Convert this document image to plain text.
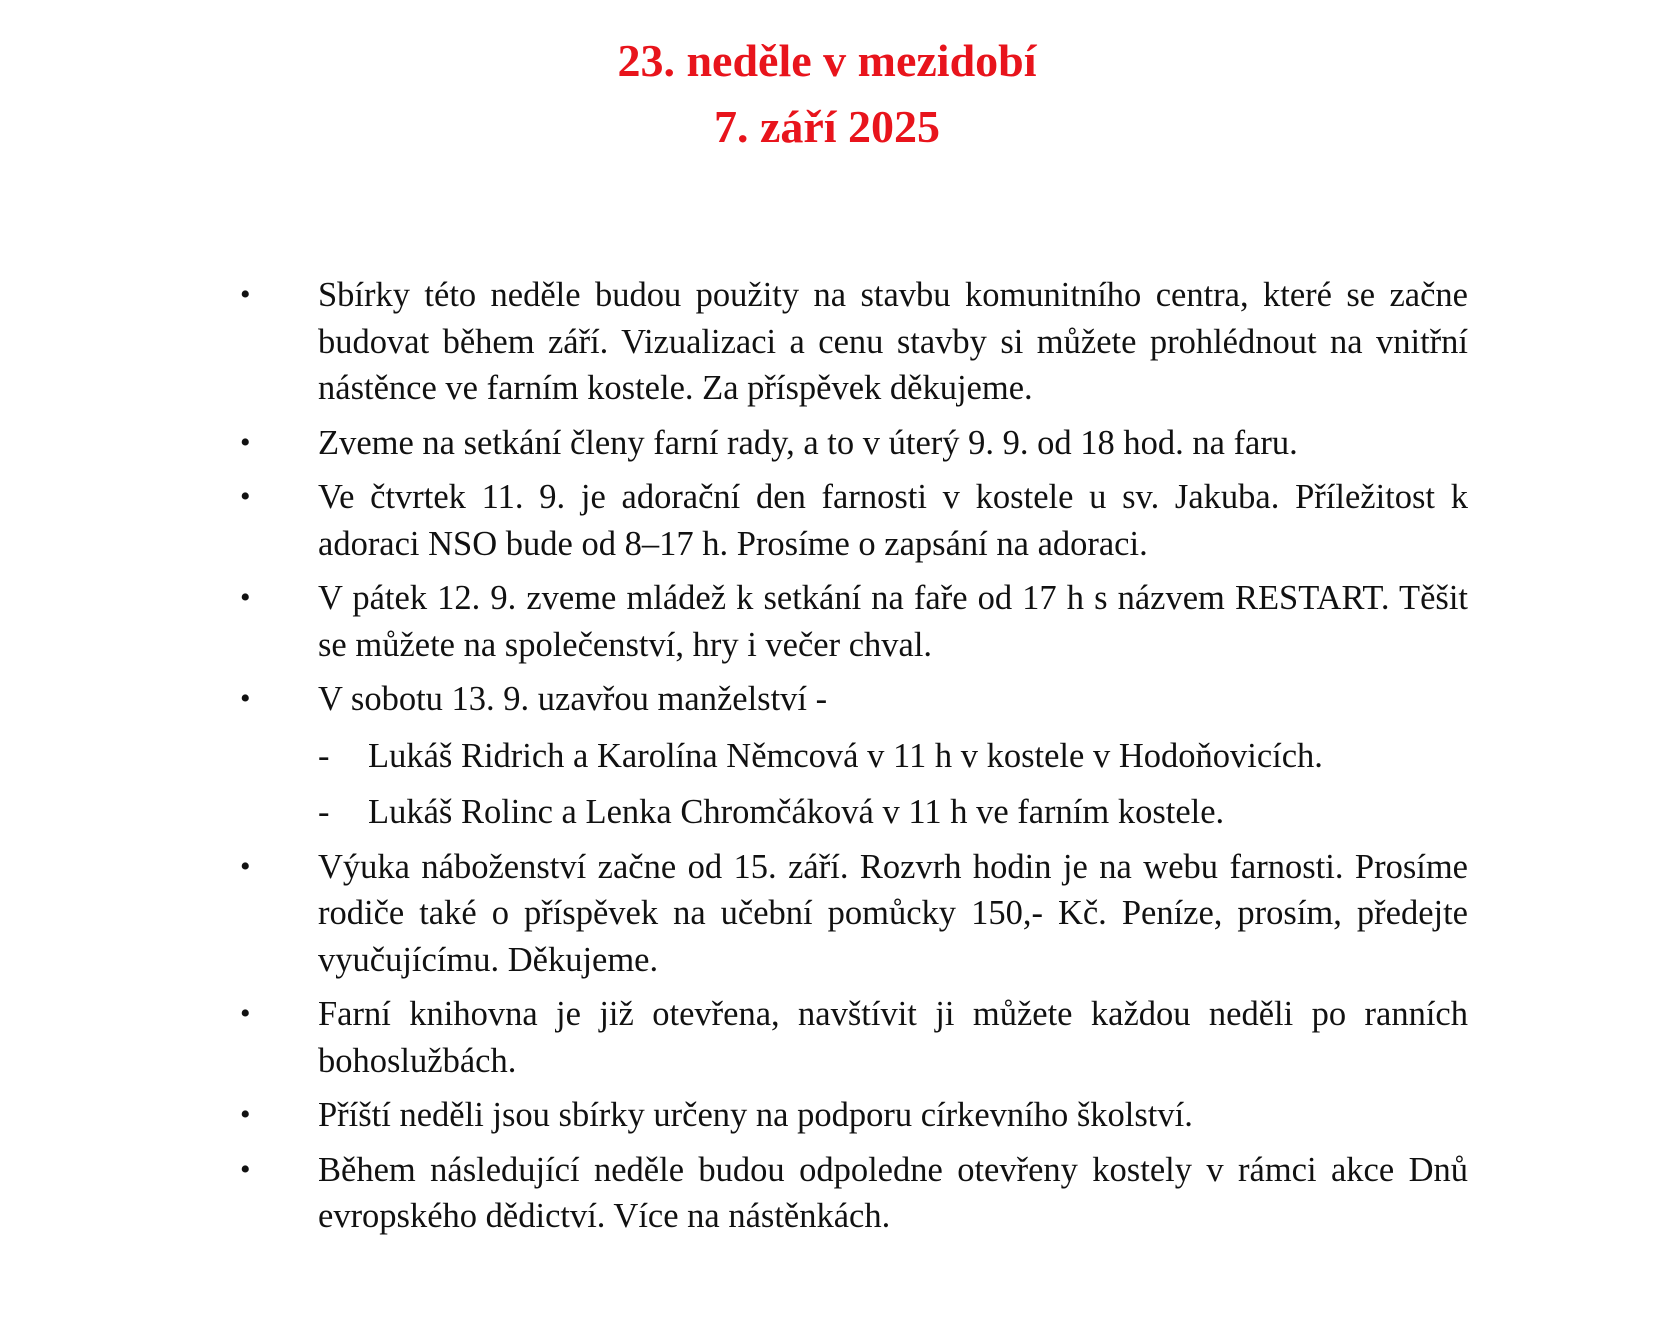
23. neděle v mezidobí
7. září 2025
• Sbírky této neděle budou použity na stavbu komunitního centra, které se začne budovat během září. Vizualizaci a cenu stavby si můžete prohlédnout na vnitřní nástěnce ve farním kostele. Za příspěvek děkujeme.
• Zveme na setkání členy farní rady, a to v úterý 9. 9. od 18 hod. na faru.
• Ve čtvrtek 11. 9. je adorační den farnosti v kostele u sv. Jakuba. Příležitost k adoraci NSO bude od 8–17 h. Prosíme o zapsání na adoraci.
• V pátek 12. 9. zveme mládež k setkání na faře od 17 h s názvem RESTART. Těšit se můžete na společenství, hry i večer chval.
• V sobotu 13. 9. uzavřou manželství -
-	Lukáš Ridrich a Karolína Němcová v 11 h v kostele v Hodoňovicích.
-	Lukáš Rolinc a Lenka Chromčáková v 11 h ve farním kostele.
• Výuka náboženství začne od 15. září. Rozvrh hodin je na webu farnosti. Prosíme rodiče také o příspěvek na učební pomůcky 150,- Kč. Peníze, prosím, předejte vyučujícímu. Děkujeme.
• Farní knihovna je již otevřena, navštívit ji můžete každou neděli po ranních bohoslužbách.
• Příští neděli jsou sbírky určeny na podporu církevního školství.
• Během následující neděle budou odpoledne otevřeny kostely v rámci akce Dnů evropského dědictví. Více na nástěnkách.
